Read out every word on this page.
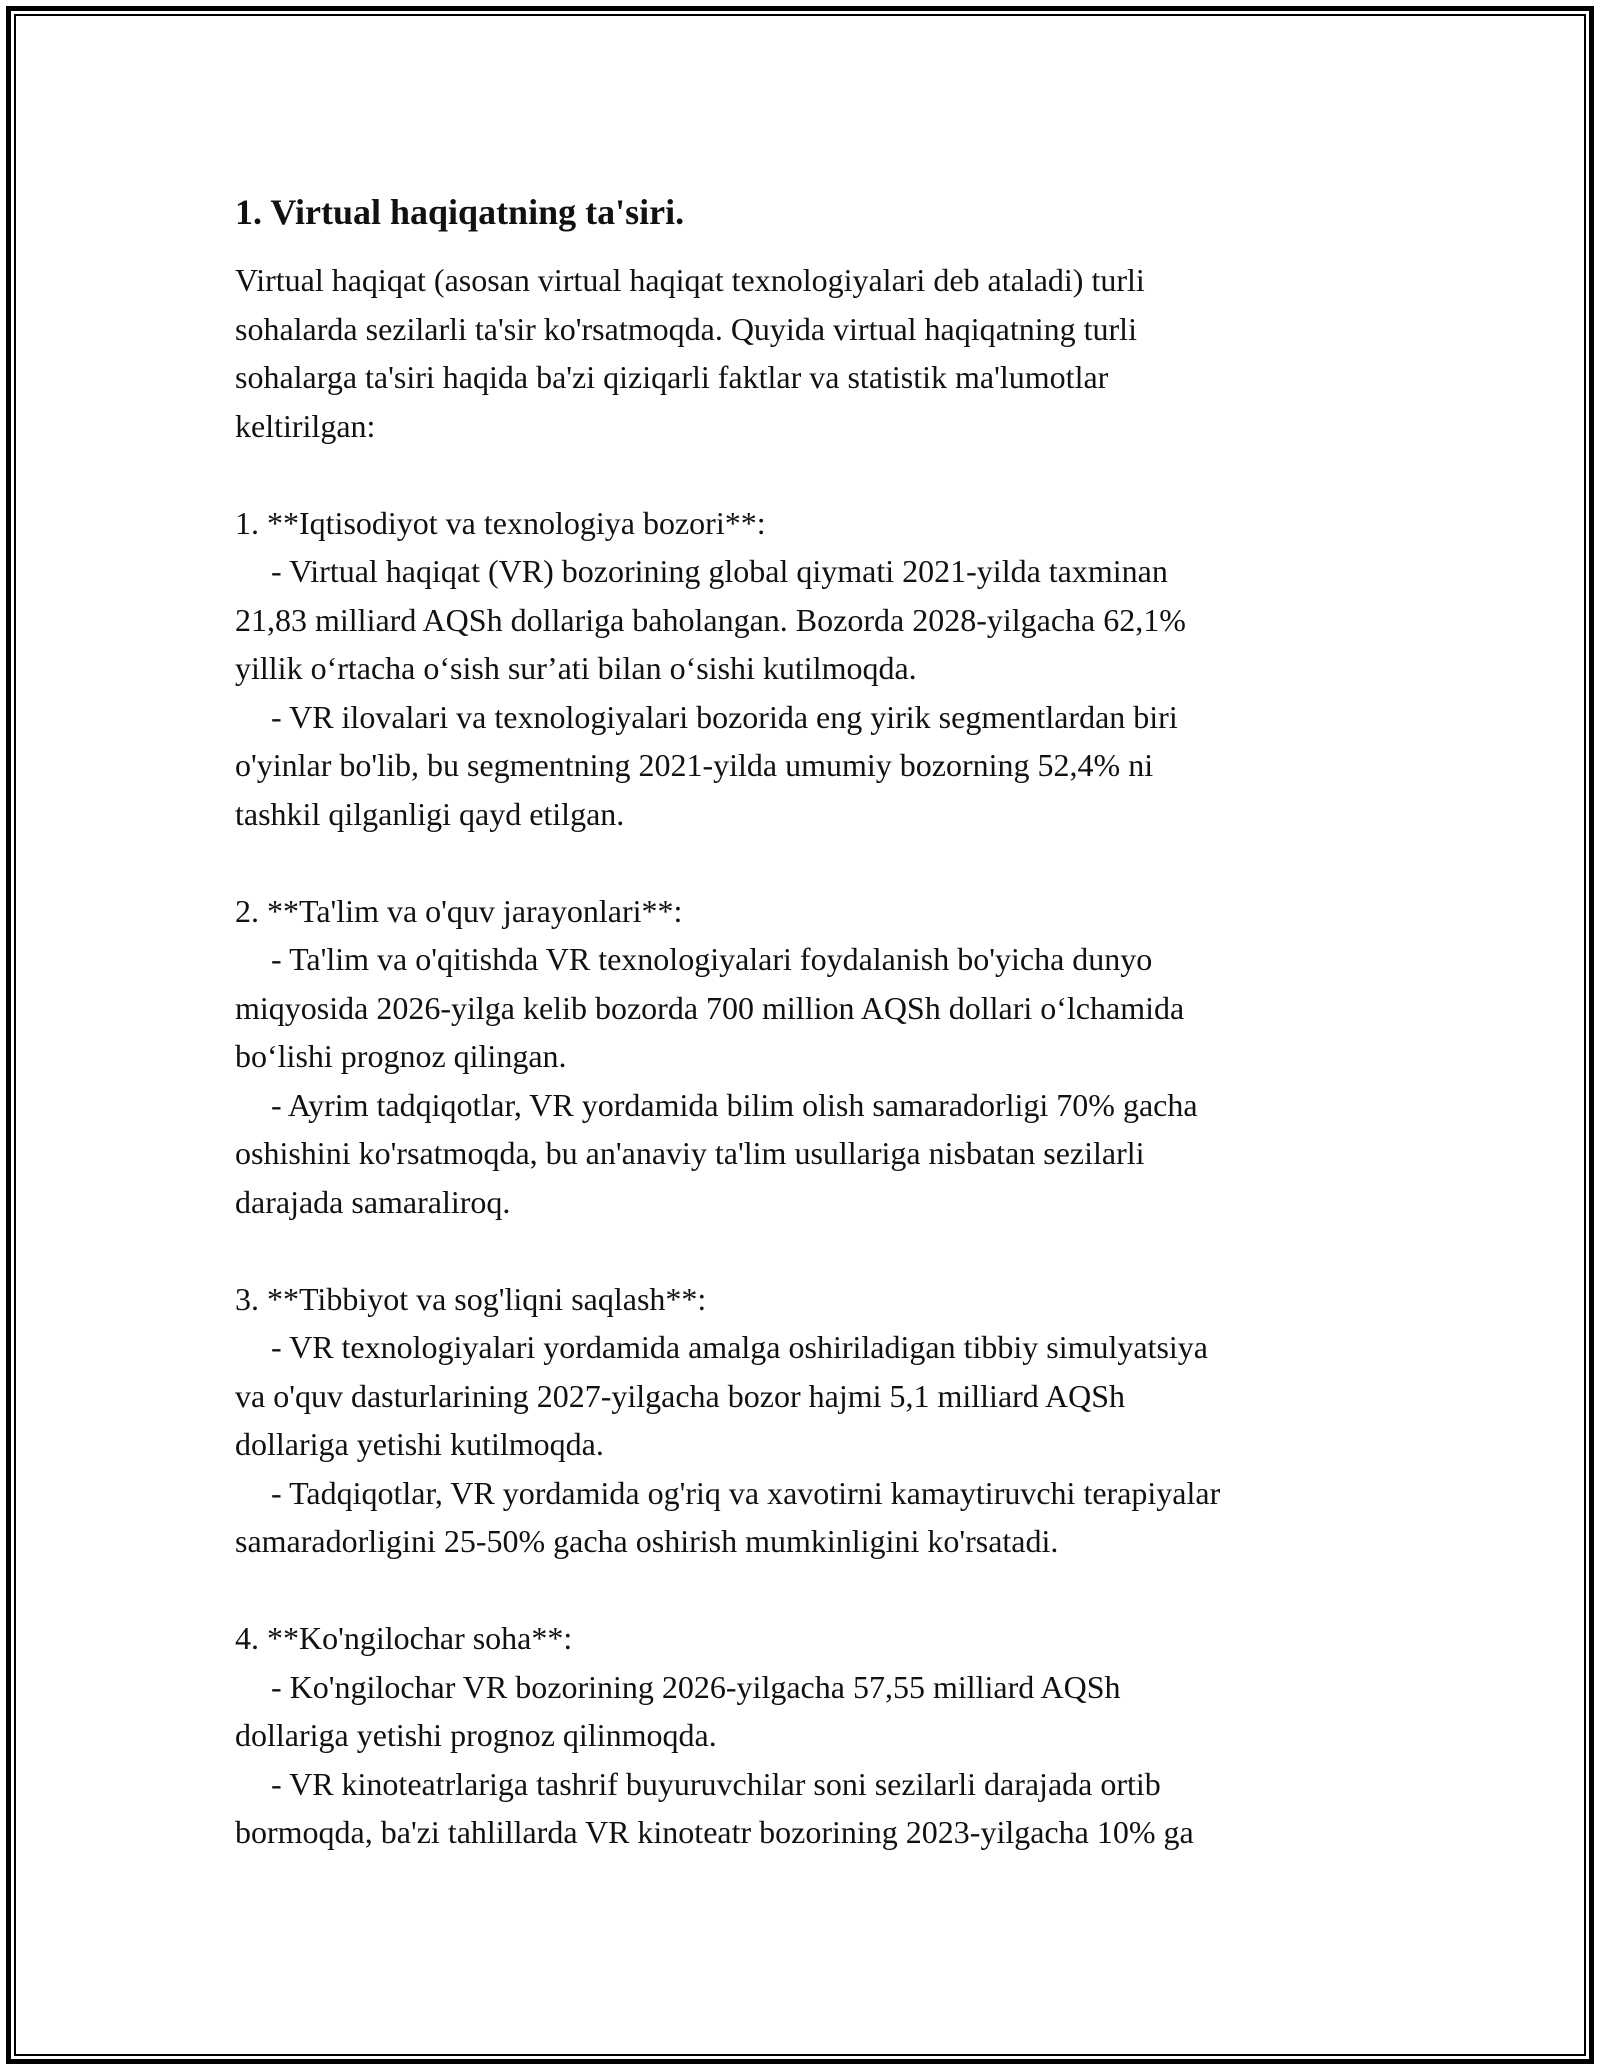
1. Virtual haqiqatning ta'siri.
Virtual haqiqat (asosan virtual haqiqat texnologiyalari deb ataladi) turli
sohalarda sezilarli ta'sir ko'rsatmoqda. Quyida virtual haqiqatning turli
sohalarga ta'siri haqida ba'zi qiziqarli faktlar va statistik ma'lumotlar
keltirilgan:
1. **Iqtisodiyot va texnologiya bozori**:
- Virtual haqiqat (VR) bozorining global qiymati 2021-yilda taxminan
21,83 milliard AQSh dollariga baholangan. Bozorda 2028-yilgacha 62,1%
yillik oʻrtacha oʻsish surʼati bilan oʻsishi kutilmoqda.
- VR ilovalari va texnologiyalari bozorida eng yirik segmentlardan biri
o'yinlar bo'lib, bu segmentning 2021-yilda umumiy bozorning 52,4% ni
tashkil qilganligi qayd etilgan.
2. **Ta'lim va o'quv jarayonlari**:
- Ta'lim va o'qitishda VR texnologiyalari foydalanish bo'yicha dunyo
miqyosida 2026-yilga kelib bozorda 700 million AQSh dollari oʻlchamida
boʻlishi prognoz qilingan.
- Ayrim tadqiqotlar, VR yordamida bilim olish samaradorligi 70% gacha
oshishini ko'rsatmoqda, bu an'anaviy ta'lim usullariga nisbatan sezilarli
darajada samaraliroq.
3. **Tibbiyot va sog'liqni saqlash**:
- VR texnologiyalari yordamida amalga oshiriladigan tibbiy simulyatsiya
va o'quv dasturlarining 2027-yilgacha bozor hajmi 5,1 milliard AQSh
dollariga yetishi kutilmoqda.
- Tadqiqotlar, VR yordamida og'riq va xavotirni kamaytiruvchi terapiyalar
samaradorligini 25-50% gacha oshirish mumkinligini ko'rsatadi.
4. **Ko'ngilochar soha**:
- Ko'ngilochar VR bozorining 2026-yilgacha 57,55 milliard AQSh
dollariga yetishi prognoz qilinmoqda.
- VR kinoteatrlariga tashrif buyuruvchilar soni sezilarli darajada ortib
bormoqda, ba'zi tahlillarda VR kinoteatr bozorining 2023-yilgacha 10% ga
